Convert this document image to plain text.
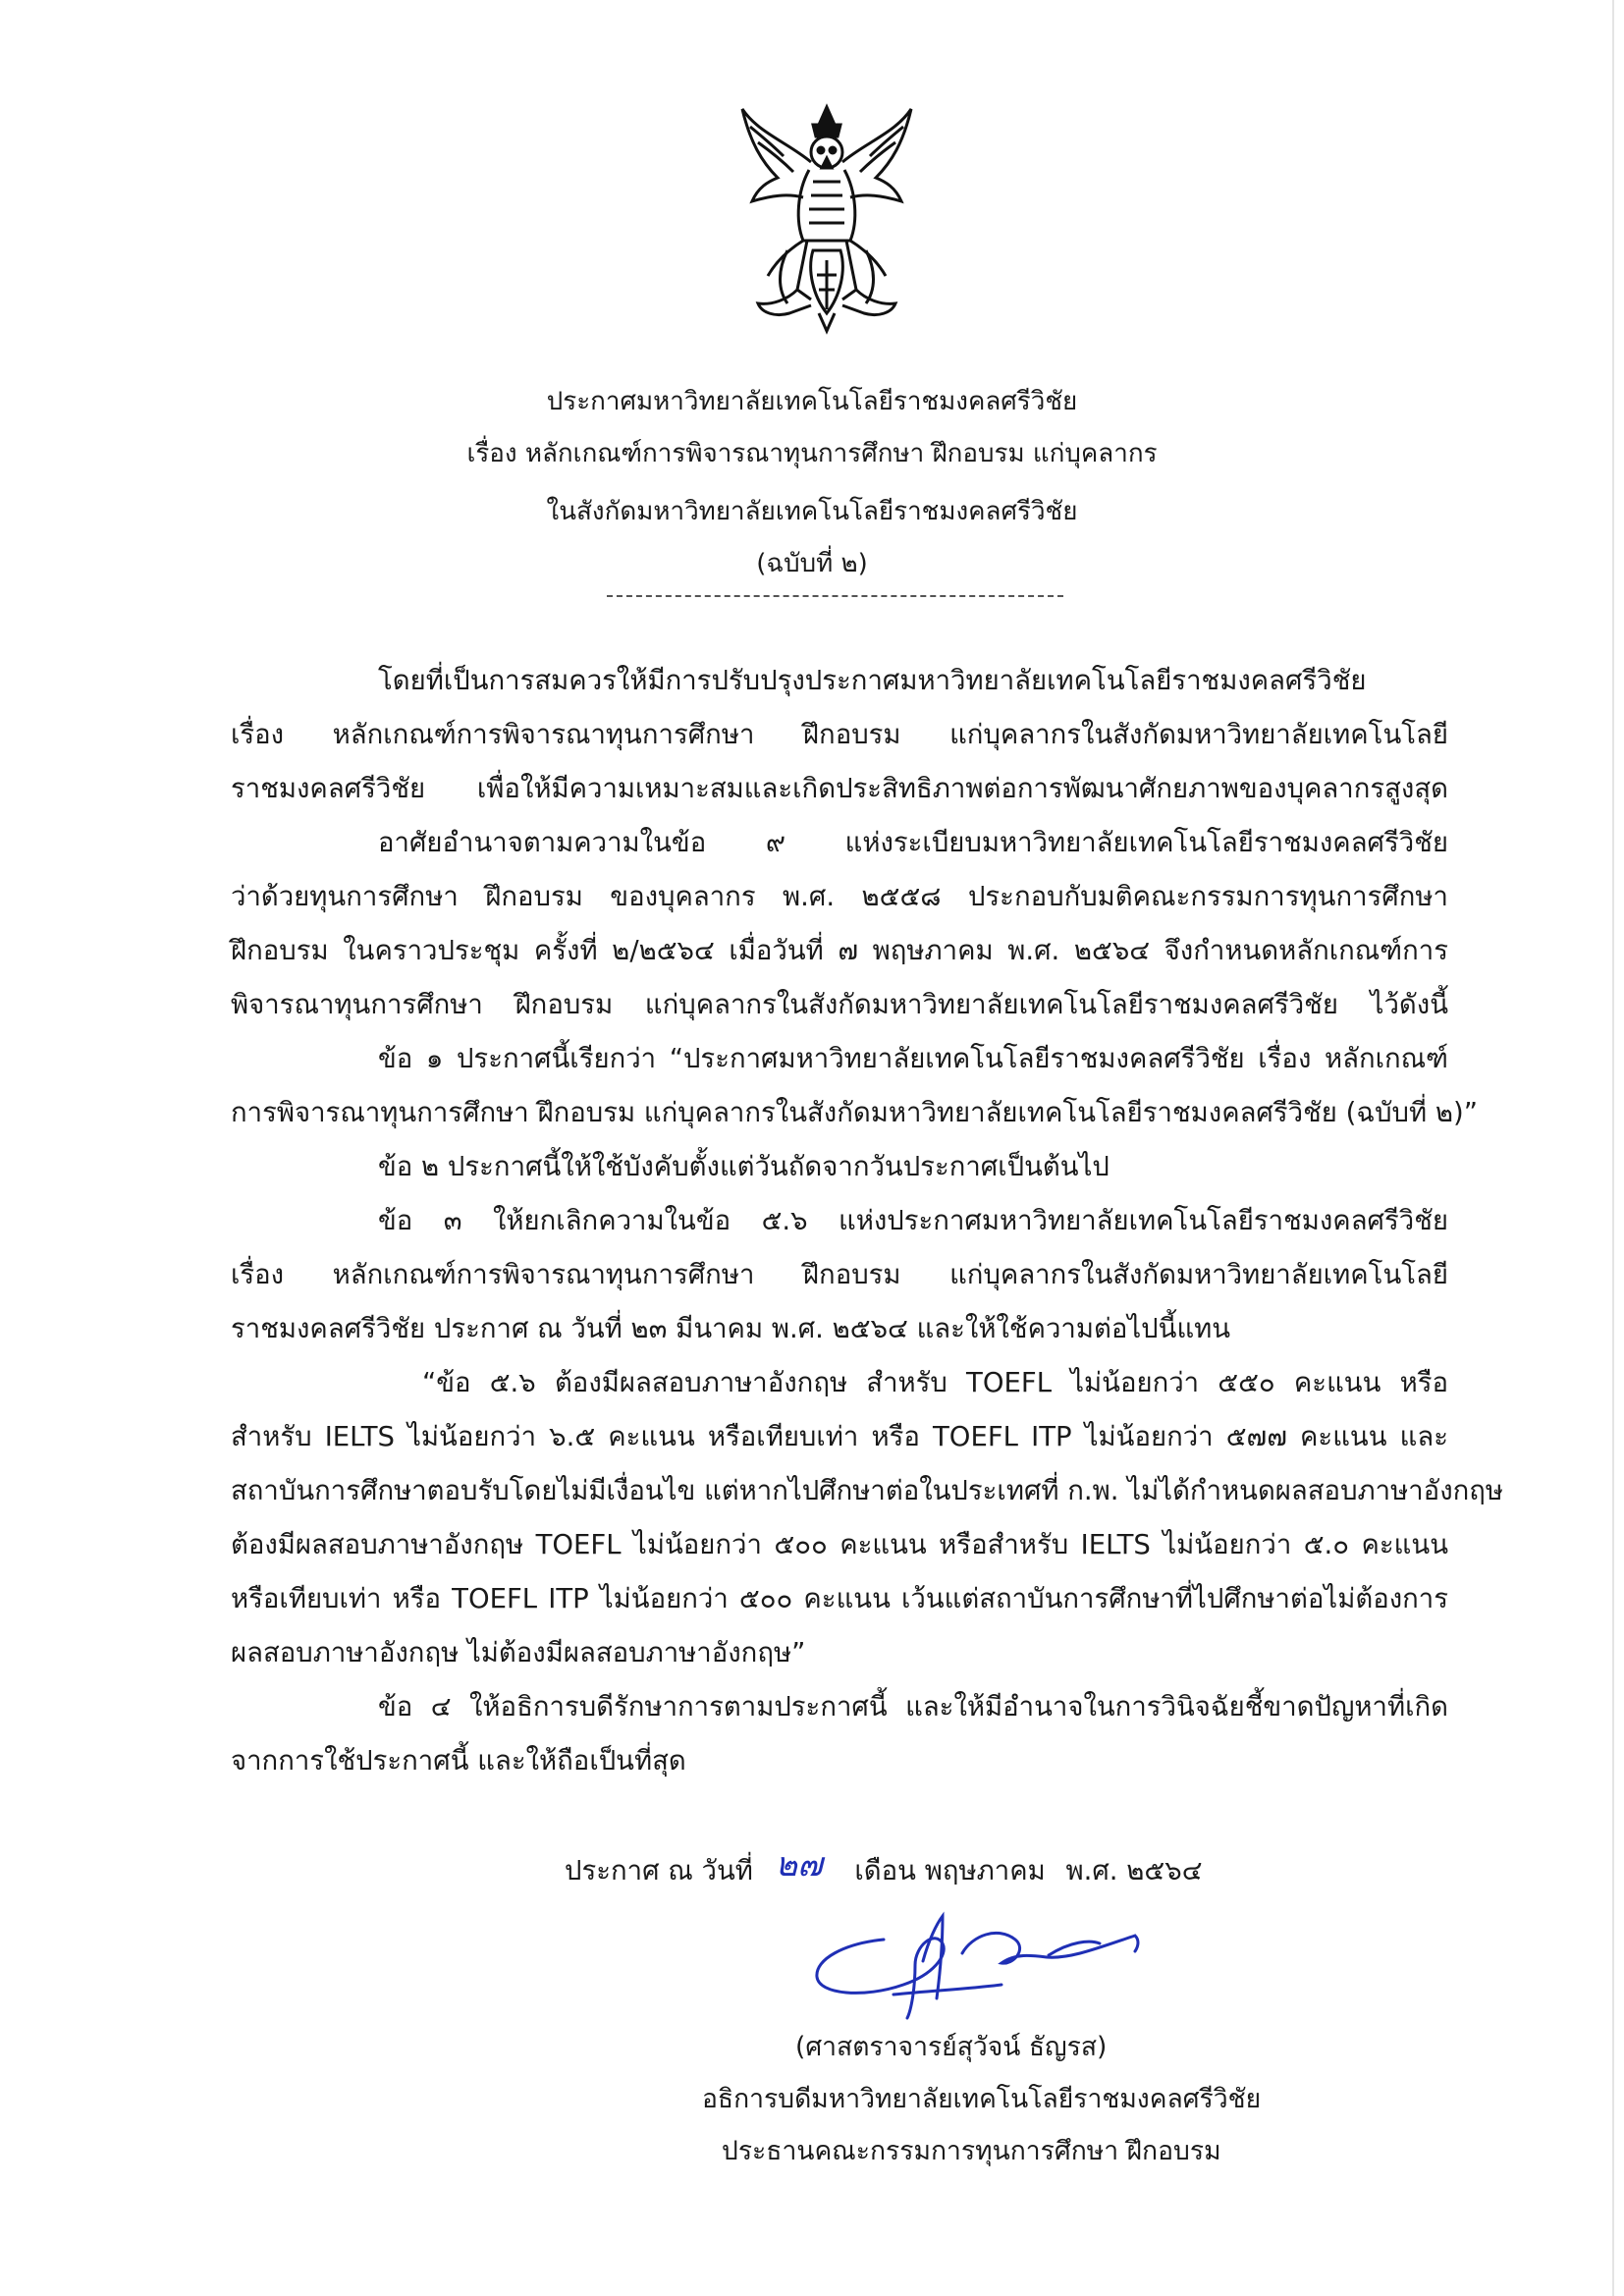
ประกาศมหาวิทยาลัยเทคโนโลยีราชมงคลศรีวิชัย
เรื่อง หลักเกณฑ์การพิจารณาทุนการศึกษา ฝึกอบรม แก่บุคลากร
ในสังกัดมหาวิทยาลัยเทคโนโลยีราชมงคลศรีวิชัย
(ฉบับที่ ๒)
โดยที่เป็นการสมควรให้มีการปรับปรุงประกาศมหาวิทยาลัยเทคโนโลยีราชมงคลศรีวิชัย
เรื่อง หลักเกณฑ์การพิจารณาทุนการศึกษา ฝึกอบรม แก่บุคลากรในสังกัดมหาวิทยาลัยเทคโนโลยี
ราชมงคลศรีวิชัย เพื่อให้มีความเหมาะสมและเกิดประสิทธิภาพต่อการพัฒนาศักยภาพของบุคลากรสูงสุด
อาศัยอำนาจตามความในข้อ ๙ แห่งระเบียบมหาวิทยาลัยเทคโนโลยีราชมงคลศรีวิชัย
ว่าด้วยทุนการศึกษา ฝึกอบรม ของบุคลากร พ.ศ. ๒๕๕๘ ประกอบกับมติคณะกรรมการทุนการศึกษา
ฝึกอบรม ในคราวประชุม ครั้งที่ ๒/๒๕๖๔ เมื่อวันที่ ๗ พฤษภาคม พ.ศ. ๒๕๖๔ จึงกำหนดหลักเกณฑ์การ
พิจารณาทุนการศึกษา ฝึกอบรม แก่บุคลากรในสังกัดมหาวิทยาลัยเทคโนโลยีราชมงคลศรีวิชัย ไว้ดังนี้
ข้อ ๑ ประกาศนี้เรียกว่า “ประกาศมหาวิทยาลัยเทคโนโลยีราชมงคลศรีวิชัย เรื่อง หลักเกณฑ์
การพิจารณาทุนการศึกษา ฝึกอบรม แก่บุคลากรในสังกัดมหาวิทยาลัยเทคโนโลยีราชมงคลศรีวิชัย (ฉบับที่ ๒)”
ข้อ ๒ ประกาศนี้ให้ใช้บังคับตั้งแต่วันถัดจากวันประกาศเป็นต้นไป
ข้อ ๓ ให้ยกเลิกความในข้อ ๕.๖ แห่งประกาศมหาวิทยาลัยเทคโนโลยีราชมงคลศรีวิชัย
เรื่อง หลักเกณฑ์การพิจารณาทุนการศึกษา ฝึกอบรม แก่บุคลากรในสังกัดมหาวิทยาลัยเทคโนโลยี
ราชมงคลศรีวิชัย ประกาศ ณ วันที่ ๒๓ มีนาคม พ.ศ. ๒๕๖๔ และให้ใช้ความต่อไปนี้แทน
“ข้อ ๕.๖ ต้องมีผลสอบภาษาอังกฤษ สำหรับ TOEFL ไม่น้อยกว่า ๕๕๐ คะแนน หรือ
สำหรับ IELTS ไม่น้อยกว่า ๖.๕ คะแนน หรือเทียบเท่า หรือ TOEFL ITP ไม่น้อยกว่า ๕๗๗ คะแนน และ
สถาบันการศึกษาตอบรับโดยไม่มีเงื่อนไข แต่หากไปศึกษาต่อในประเทศที่ ก.พ. ไม่ได้กำหนดผลสอบภาษาอังกฤษ
ต้องมีผลสอบภาษาอังกฤษ TOEFL ไม่น้อยกว่า ๕๐๐ คะแนน หรือสำหรับ IELTS ไม่น้อยกว่า ๕.๐ คะแนน
หรือเทียบเท่า หรือ TOEFL ITP ไม่น้อยกว่า ๕๐๐ คะแนน เว้นแต่สถาบันการศึกษาที่ไปศึกษาต่อไม่ต้องการ
ผลสอบภาษาอังกฤษ ไม่ต้องมีผลสอบภาษาอังกฤษ”
ข้อ ๔ ให้อธิการบดีรักษาการตามประกาศนี้ และให้มีอำนาจในการวินิจฉัยชี้ขาดปัญหาที่เกิด
จากการใช้ประกาศนี้ และให้ถือเป็นที่สุด
ประกาศ ณ วันที่ ๒๗ เดือน พฤษภาคม พ.ศ. ๒๕๖๔
(ศาสตราจารย์สุวัจน์ ธัญรส)
อธิการบดีมหาวิทยาลัยเทคโนโลยีราชมงคลศรีวิชัย
ประธานคณะกรรมการทุนการศึกษา ฝึกอบรม
